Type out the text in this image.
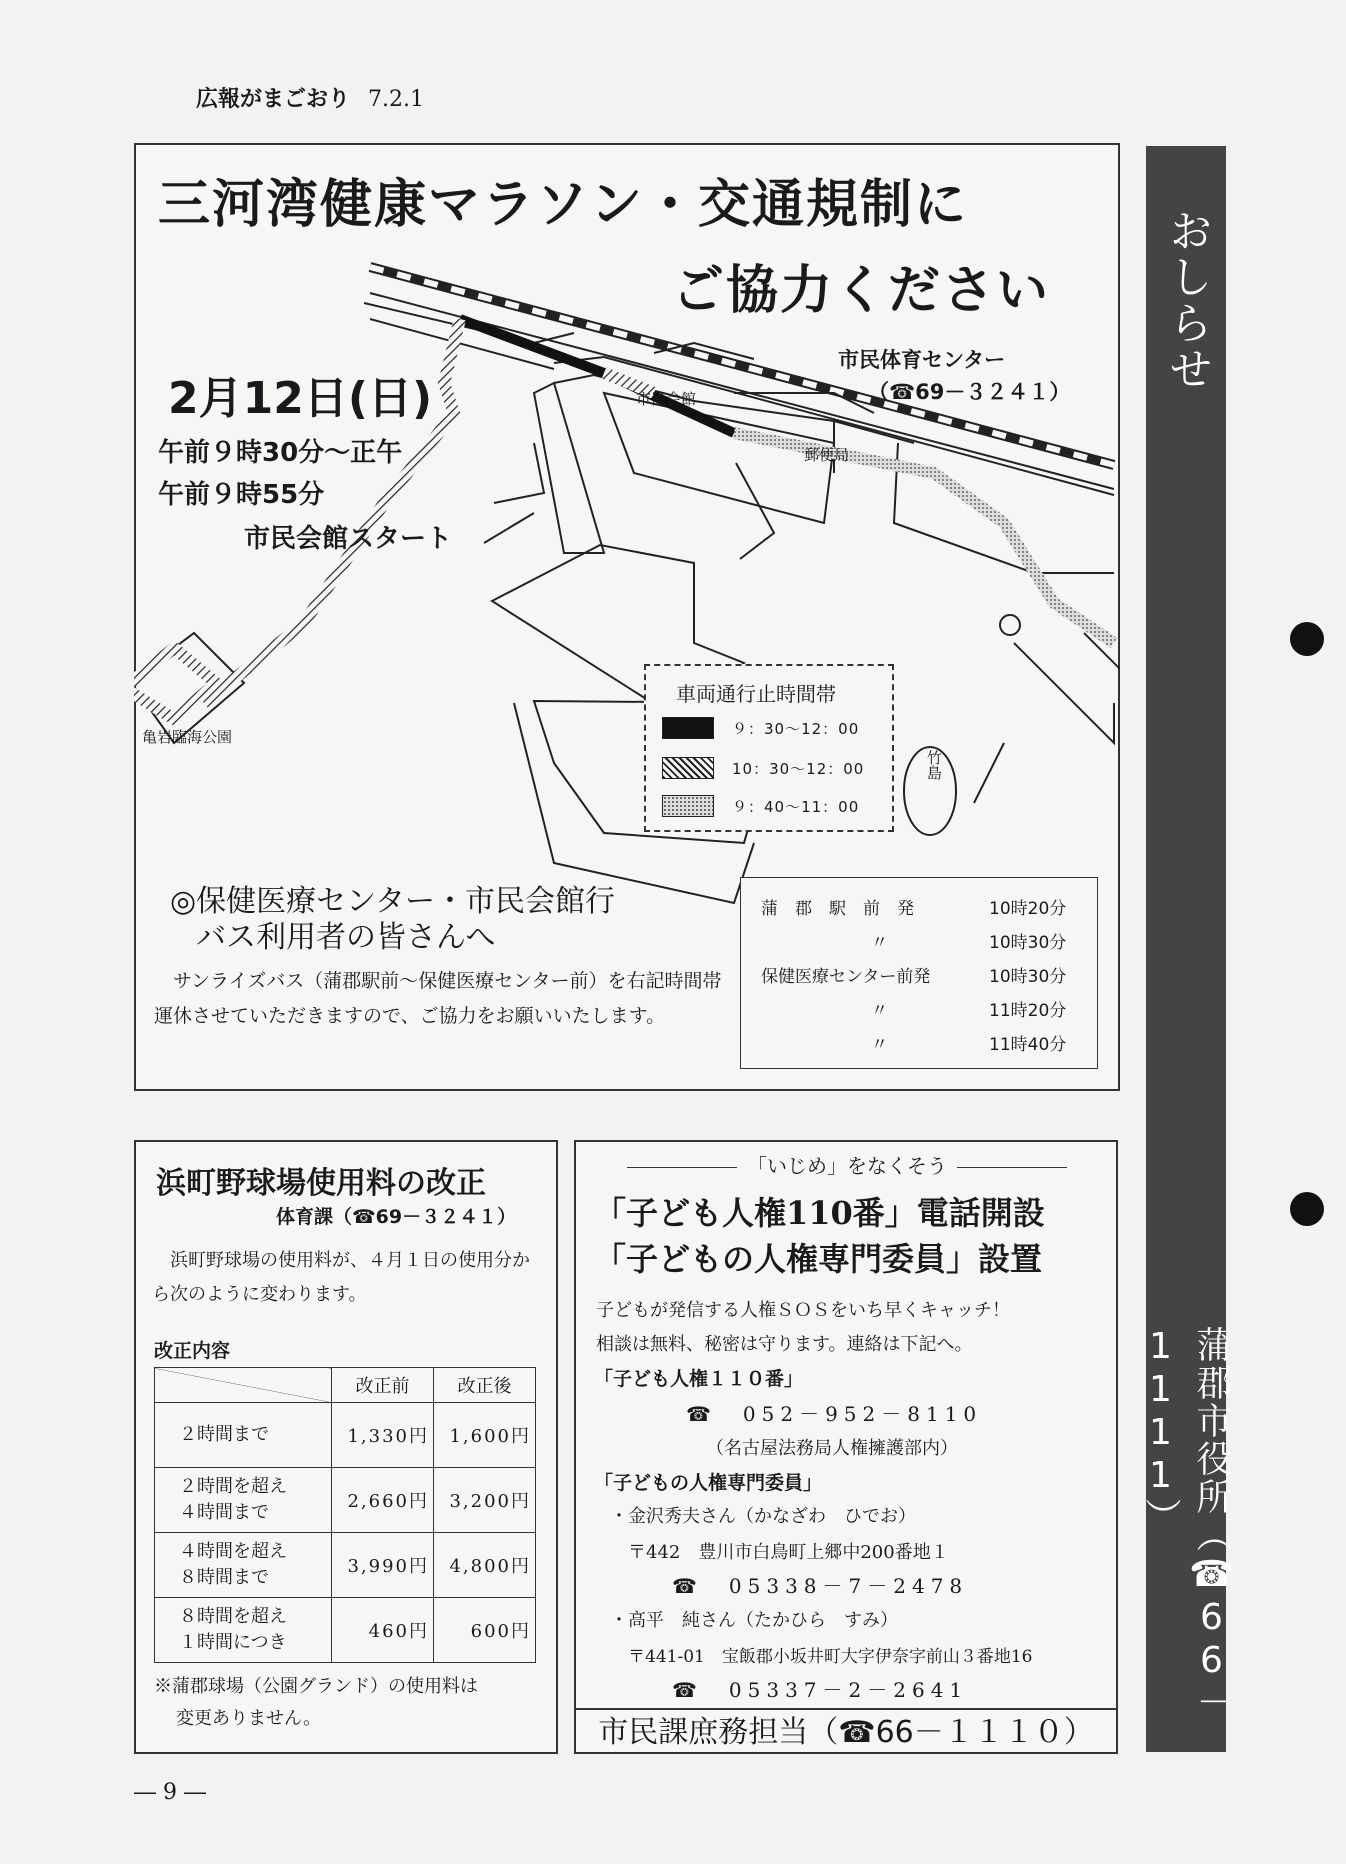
広報がまごおり 7.2.1
おしらせ
蒲郡市役所（☎66－1111）
三河湾健康マラソン・交通規制に
ご協力ください
2月12日(日)
午前９時30分～正午
午前９時55分
市民会館スタート
市民体育センター
（☎69－３２４１）
市民会館
郵便局
亀岩臨海公園
竹島
車両通行止時間帯
９：30～12：00
10：30～12：00
９：40～11：00
◎保健医療センター・市民会館行
バス利用者の皆さんへ
サンライズバス（蒲郡駅前～保健医療センター前）を右記時間帯運休させていただきますので、ご協力をお願いいたします。
蒲　郡　駅　前　発	10時20分
〃	10時30分
保健医療センター前発	10時30分
〃	11時20分
〃	11時40分
浜町野球場使用料の改正
体育課（☎69－３２４１）
浜町野球場の使用料が、４月１日の使用分から次のように変わります。
改正内容
	改正前	改正後
２時間まで	1,330円	1,600円
２時間を超え
４時間まで	2,660円	3,200円
４時間を超え
８時間まで	3,990円	4,800円
８時間を超え
１時間につき	460円	600円
※蒲郡球場（公園グランド）の使用料は
変更ありません。
「いじめ」をなくそう
「子ども人権110番」電話開設
「子どもの人権専門委員」設置
子どもが発信する人権ＳＯＳをいち早くキャッチ！
相談は無料、秘密は守ります。連絡は下記へ。
「子ども人権１１０番」
☎　052－952－8110
（名古屋法務局人権擁護部内）
「子どもの人権専門委員」
・金沢秀夫さん（かなざわ　ひでお）
〒442　豊川市白鳥町上郷中200番地１
☎　05338－7－2478
・高平　純さん（たかひら　すみ）
〒441-01　宝飯郡小坂井町大字伊奈字前山３番地16
☎　05337－2－2641
市民課庶務担当（☎66－１１１０）
― 9 ―
